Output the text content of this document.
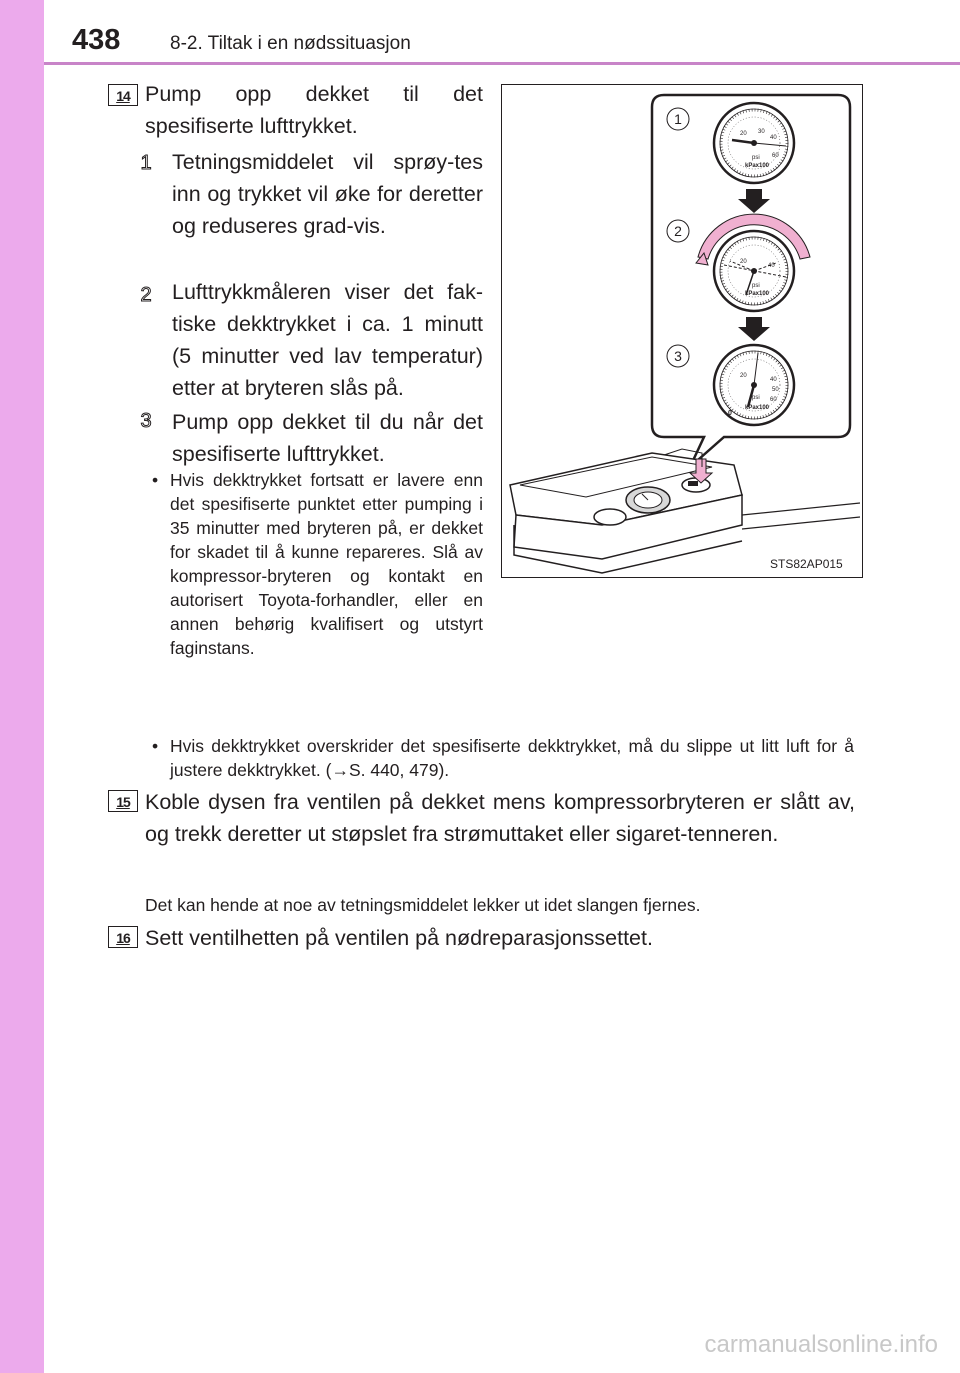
438	8-2. Tiltak i en nødssituasjon
14 Pump opp dekket til det spesifiserte lufttrykket.
1 Tetningsmiddelet vil sprøy-tes inn og trykket vil øke for deretter og reduseres grad-vis.
2 Lufttrykkmåleren viser det fak-tiske dekktrykket i ca. 1 minutt (5 minutter ved lav temperatur) etter at bryteren slås på.
3 Pump opp dekket til du når det spesifiserte lufttrykket.
• Hvis dekktrykket fortsatt er lavere enn det spesifiserte punktet etter pumping i 35 minutter med bryteren på, er dekket for skadet til å kunne repareres. Slå av kompressor-bryteren og kontakt en autorisert Toyota-forhandler, eller en annen behørig kvalifisert og utstyrt faginstans.
• Hvis dekktrykket overskrider det spesifiserte dekktrykket, må du slippe ut litt luft for å justere dekktrykket. (→S. 440, 479).
1
2
3
20 30
40
60
psi
kPax100
20
40
psi
kPax100
20
40
50
60
0
psi
kPax100
STS82AP015
15 Koble dysen fra ventilen på dekket mens kompressorbryteren er slått av, og trekk deretter ut støpslet fra strømuttaket eller sigaret-tenneren.
Det kan hende at noe av tetningsmiddelet lekker ut idet slangen fjernes.
16 Sett ventilhetten på ventilen på nødreparasjonssettet.
carmanualsonline.info
